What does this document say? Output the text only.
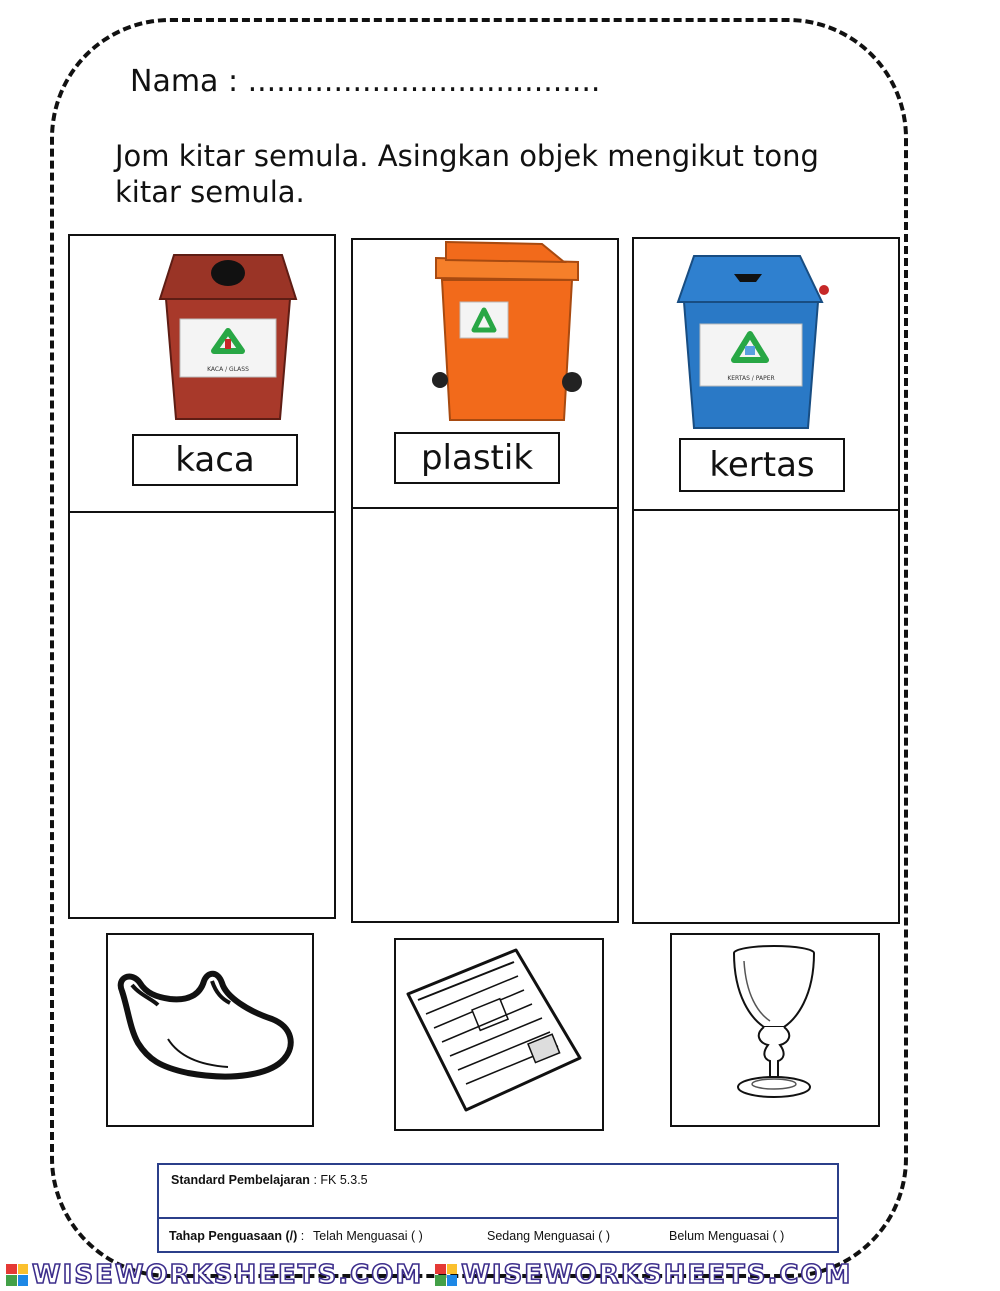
Nama : .....................................
Jom kitar semula. Asingkan objek mengikut tong kitar semula.
KACA / GLASS
kaca	plastik
KERTAS / PAPER
kertas
Standard Pembelajaran : FK 5.3.5
Tahap Penguasaan (/) : Telah Menguasai ( )	Sedang Menguasai ( )	Belum Menguasai ( )
WISEWORKSHEETS.COM WISEWORKSHEETS.COM
